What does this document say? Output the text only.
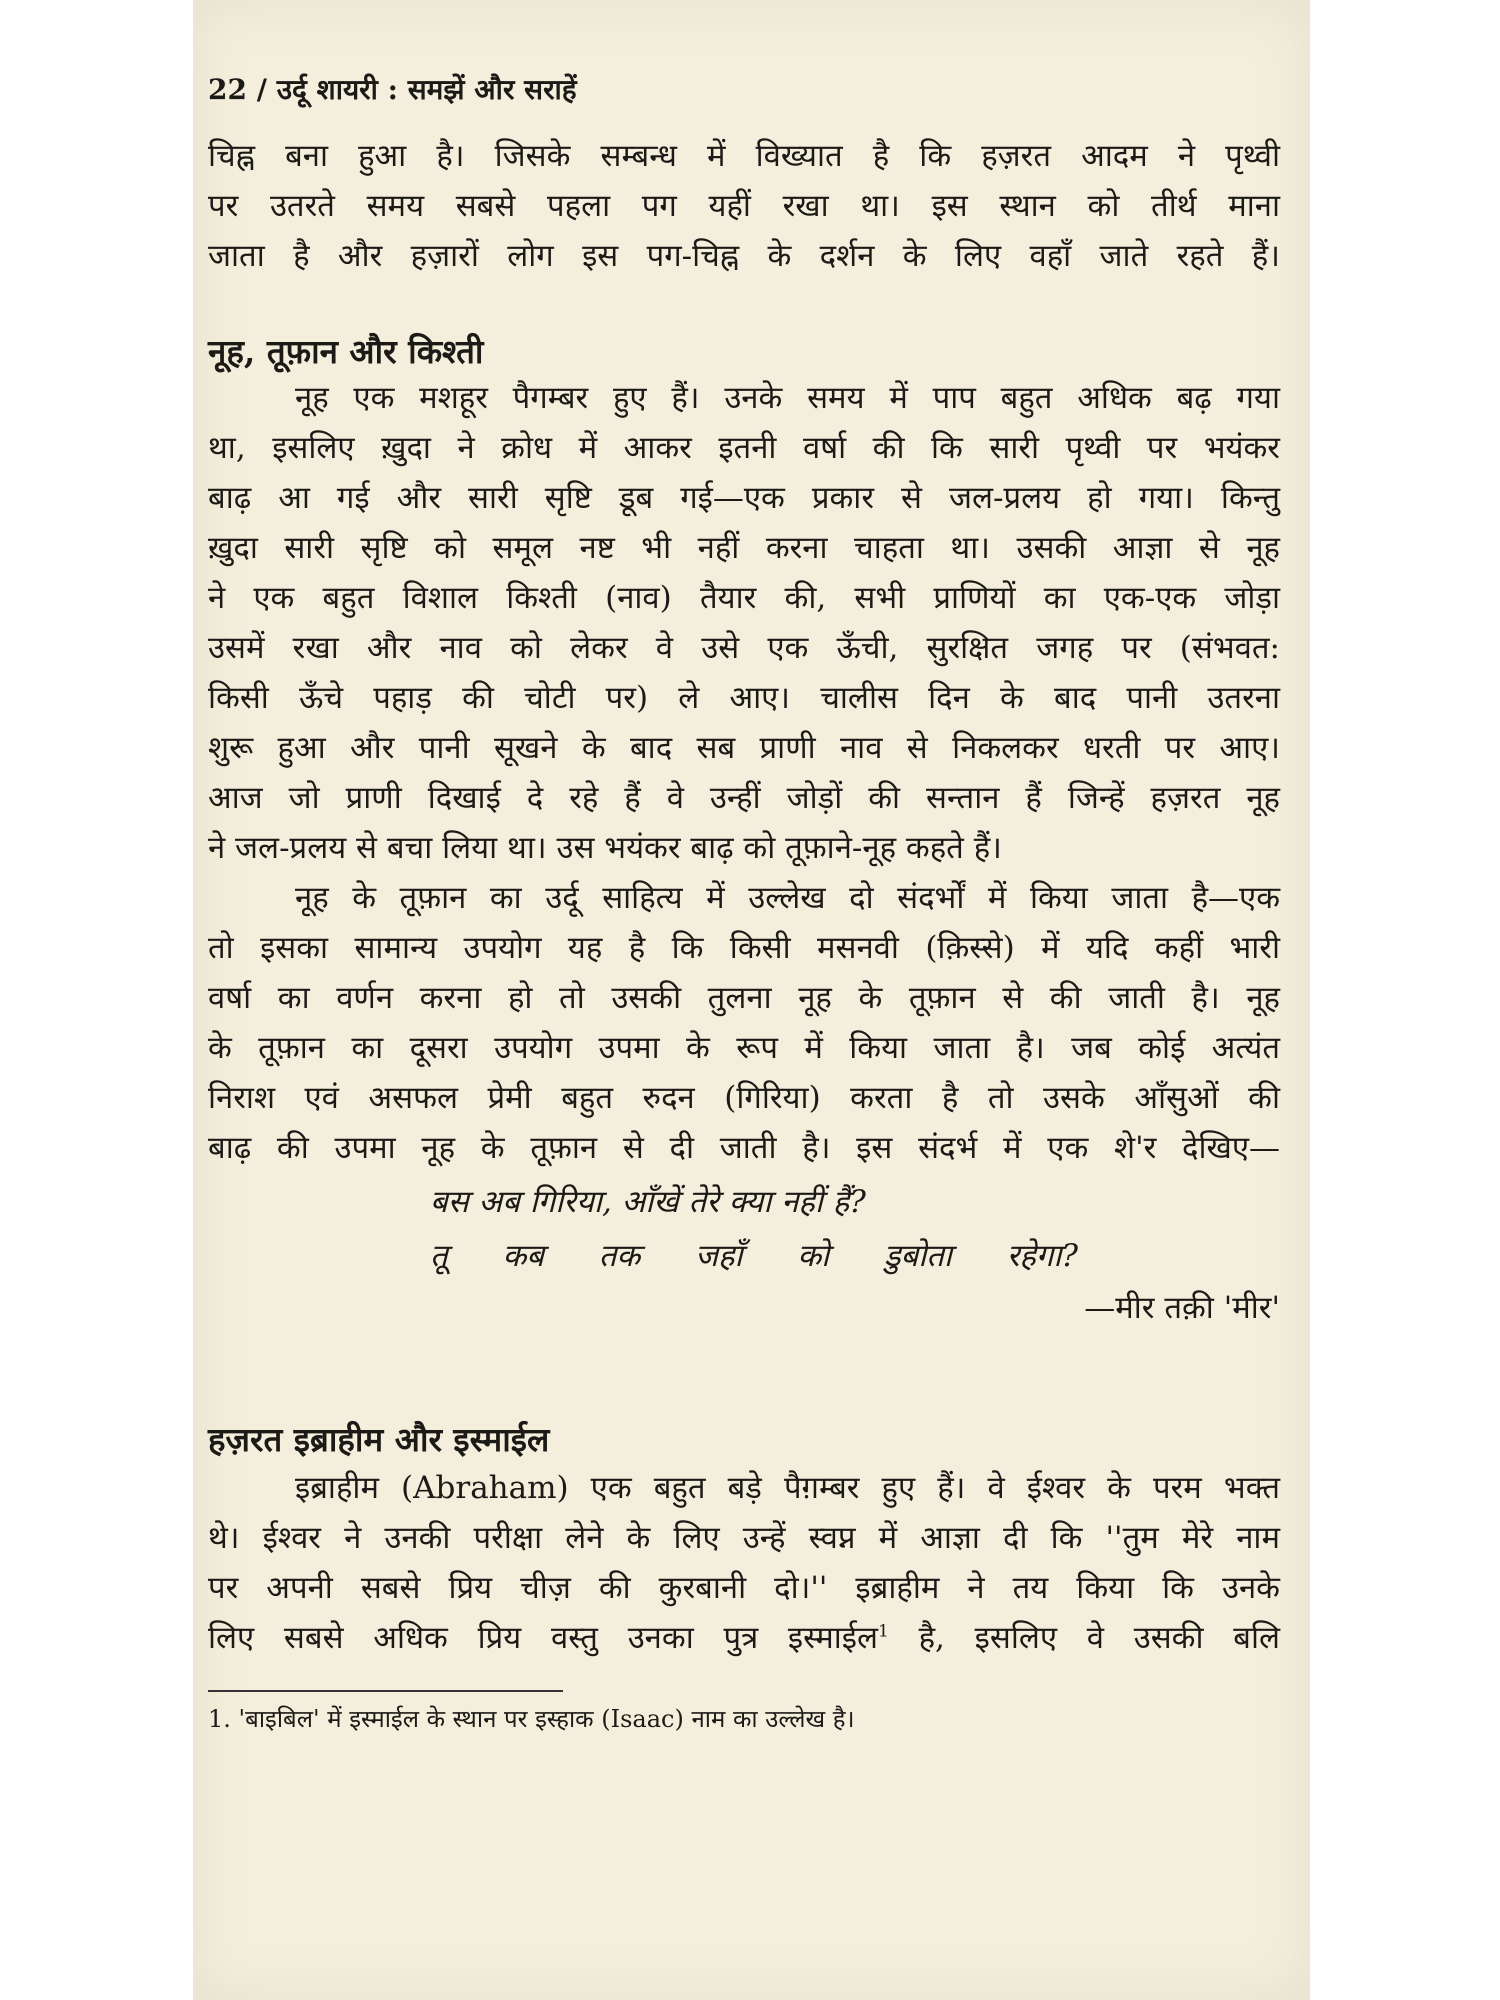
22 / उर्दू शायरी : समझें और सराहें
चिह्न बना हुआ है। जिसके सम्बन्ध में विख्यात है कि हज़रत आदम ने पृथ्वी
पर उतरते समय सबसे पहला पग यहीं रखा था। इस स्थान को तीर्थ माना
जाता है और हज़ारों लोग इस पग-चिह्न के दर्शन के लिए वहाँ जाते रहते हैं।
नूह, तूफ़ान और किश्ती
नूह एक मशहूर पैगम्बर हुए हैं। उनके समय में पाप बहुत अधिक बढ़ गया
था, इसलिए ख़ुदा ने क्रोध में आकर इतनी वर्षा की कि सारी पृथ्वी पर भयंकर
बाढ़ आ गई और सारी सृष्टि डूब गई—एक प्रकार से जल-प्रलय हो गया। किन्तु
ख़ुदा सारी सृष्टि को समूल नष्ट भी नहीं करना चाहता था। उसकी आज्ञा से नूह
ने एक बहुत विशाल किश्ती (नाव) तैयार की, सभी प्राणियों का एक-एक जोड़ा
उसमें रखा और नाव को लेकर वे उसे एक ऊँची, सुरक्षित जगह पर (संभवत:
किसी ऊँचे पहाड़ की चोटी पर) ले आए। चालीस दिन के बाद पानी उतरना
शुरू हुआ और पानी सूखने के बाद सब प्राणी नाव से निकलकर धरती पर आए।
आज जो प्राणी दिखाई दे रहे हैं वे उन्हीं जोड़ों की सन्तान हैं जिन्हें हज़रत नूह
ने जल-प्रलय से बचा लिया था। उस भयंकर बाढ़ को तूफ़ाने-नूह कहते हैं।
नूह के तूफ़ान का उर्दू साहित्य में उल्लेख दो संदर्भों में किया जाता है—एक
तो इसका सामान्य उपयोग यह है कि किसी मसनवी (क़िस्से) में यदि कहीं भारी
वर्षा का वर्णन करना हो तो उसकी तुलना नूह के तूफ़ान से की जाती है। नूह
के तूफ़ान का दूसरा उपयोग उपमा के रूप में किया जाता है। जब कोई अत्यंत
निराश एवं असफल प्रेमी बहुत रुदन (गिरिया) करता है तो उसके आँसुओं की
बाढ़ की उपमा नूह के तूफ़ान से दी जाती है। इस संदर्भ में एक शे'र देखिए—
बस अब गिरिया, आँखें तेरे क्या नहीं हैं?
तू कब तक जहाँ को डुबोता रहेगा?
—मीर तक़ी 'मीर'
हज़रत इब्राहीम और इस्माईल
इब्राहीम (Abraham) एक बहुत बड़े पैग़म्बर हुए हैं। वे ईश्वर के परम भक्त
थे। ईश्वर ने उनकी परीक्षा लेने के लिए उन्हें स्वप्न में आज्ञा दी कि ''तुम मेरे नाम
पर अपनी सबसे प्रिय चीज़ की कुरबानी दो।'' इब्राहीम ने तय किया कि उनके
लिए सबसे अधिक प्रिय वस्तु उनका पुत्र इस्माईल$^1$ है, इसलिए वे उसकी बलि
1. 'बाइबिल' में इस्माईल के स्थान पर इस्हाक (Isaac) नाम का उल्लेख है।
